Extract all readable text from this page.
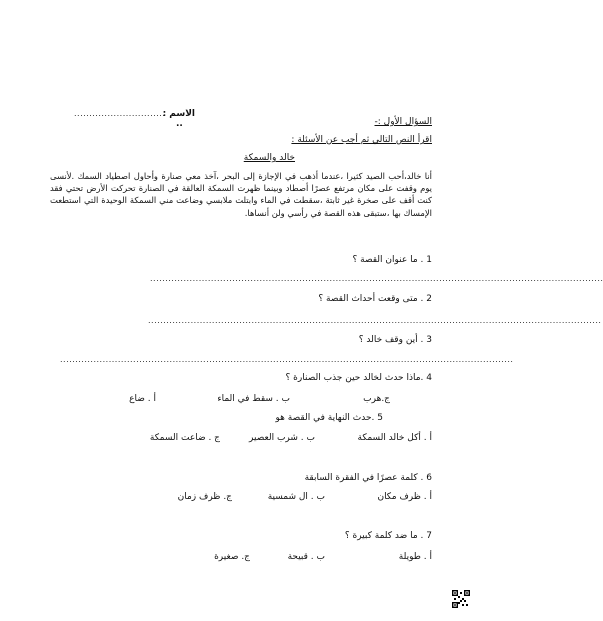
الاسم :
..............................
..	السؤال الأول :-
اقرأ النص التالي ثم أجب عن الأسئلة :
خالد والسمكة
أنا خالد،أحب الصيد كثيرا ،عندما أذهب في الإجازة إلى البحر ،آخذ معي صنارة وأحاول اصطياد السمك .لأنسى يوم وقفت على مكان مرتفع عصرًا أصطاد وبينما ظهرت السمكة العالقة في الصنارة تحركت الأرض تحتي فقد كنت أقف على صخرة غير ثابتة ،سقطت في الماء وابتلت ملابسي وضاعت مني السمكة الوحيدة التي استطعت الإمساك بها ،ستبقى هذه القصة في رأسي ولن أنساها.
1 . ما عنوان القصة ؟
.....................................................................................................................................................
2 . متى وقعت أحداث القصة ؟
.....................................................................................................................................................
3 . أين وقف خالد ؟
.....................................................................................................................................................
4 .ماذا حدث لخالد حين جذب الصنارة ؟
ج.هرب
ب . سقط في الماء
أ . ضاع
5 .حدث النهاية في القصة هو
أ . أكل خالد السمكة
ب . شرب العصير
ج . ضاعت السمكة
6 . كلمة عصرًا في الفقرة السابقة
أ . ظرف مكان
ب . ال شمسية
ج. ظرف زمان
7 . ما ضد كلمة كبيرة ؟
أ . طويلة
ب . قبيحة
ج. صغيرة
